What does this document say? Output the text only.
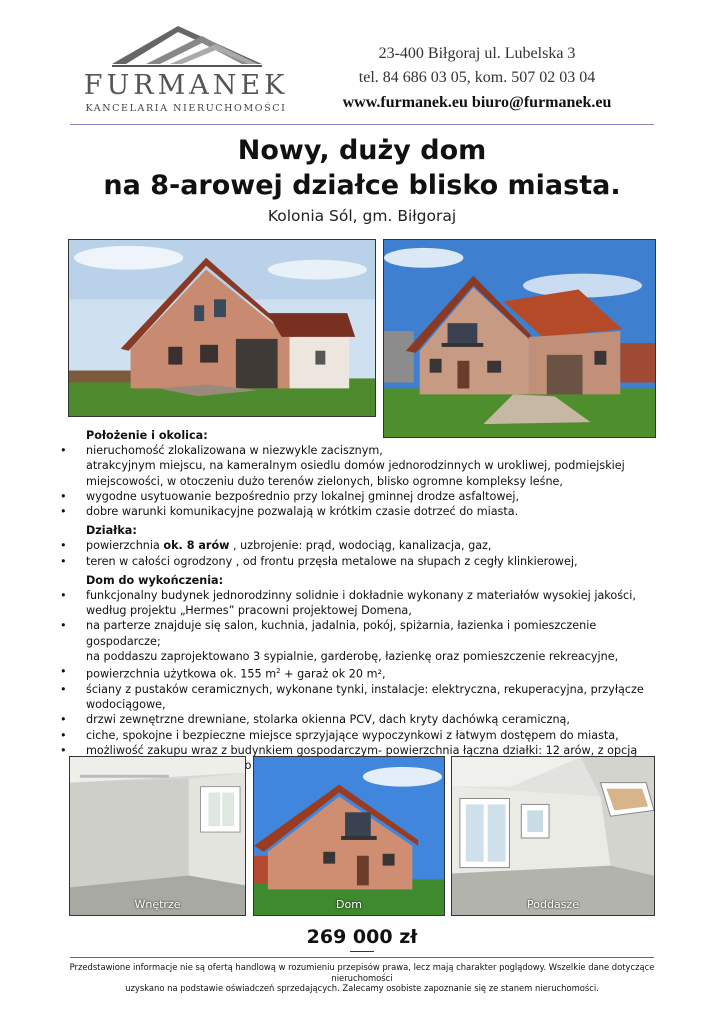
FURMANEK
KANCELARIA NIERUCHOMOŚCI
23-400 Biłgoraj ul. Lubelska 3
tel. 84 686 03 05, kom. 507 02 03 04
www.furmanek.eu biuro@furmanek.eu
Nowy, duży dom
na 8-arowej działce blisko miasta.
Kolonia Sól, gm. Biłgoraj
Położenie i okolica:
• nieruchomość zlokalizowana w niezwykle zacisznym,
atrakcyjnym miejscu, na kameralnym osiedlu domów jednorodzinnych w urokliwej, podmiejskiej
miejscowości, w otoczeniu dużo terenów zielonych, blisko ogromne kompleksy leśne,
• wygodne usytuowanie bezpośrednio przy lokalnej gminnej drodze asfaltowej,
• dobre warunki komunikacyjne pozwalają w krótkim czasie dotrzeć do miasta.
Działka:
• powierzchnia ok. 8 arów , uzbrojenie: prąd, wodociąg, kanalizacja, gaz,
• teren w całości ogrodzony , od frontu przęsła metalowe na słupach z cegły klinkierowej,
Dom do wykończenia:
• funkcjonalny budynek jednorodzinny solidnie i dokładnie wykonany z materiałów wysokiej jakości,
według projektu „Hermes” pracowni projektowej Domena,
• na parterze znajduje się salon, kuchnia, jadalnia, pokój, spiżarnia, łazienka i pomieszczenie gospodarcze;
na poddaszu zaprojektowano 3 sypialnie, garderobę, łazienkę oraz pomieszczenie rekreacyjne,
• powierzchnia użytkowa ok. 155 $m^2$ + garaż ok 20 m²,
• ściany z pustaków ceramicznych, wykonane tynki, instalacje: elektryczna, rekuperacyjna, przyłącze
wodociągowe,
• drzwi zewnętrzne drewniane, stolarka okienna PCV, dach kryty dachówką ceramiczną,
• ciche, spokojne i bezpieczne miejsce sprzyjające wypoczynkowi z łatwym dostępem do miasta,
• możliwość zakupu wraz z budynkiem gospodarczym- powierzchnia łączna działki: 12 arów, z opcją
o
Wnętrze	Dom	Poddasze
269 000 zł
Przedstawione informacje nie są ofertą handlową w rozumieniu przepisów prawa, lecz mają charakter poglądowy. Wszelkie dane dotyczące nieruchomości
uzyskano na podstawie oświadczeń sprzedających. Zalecamy osobiste zapoznanie się ze stanem nieruchomości.
